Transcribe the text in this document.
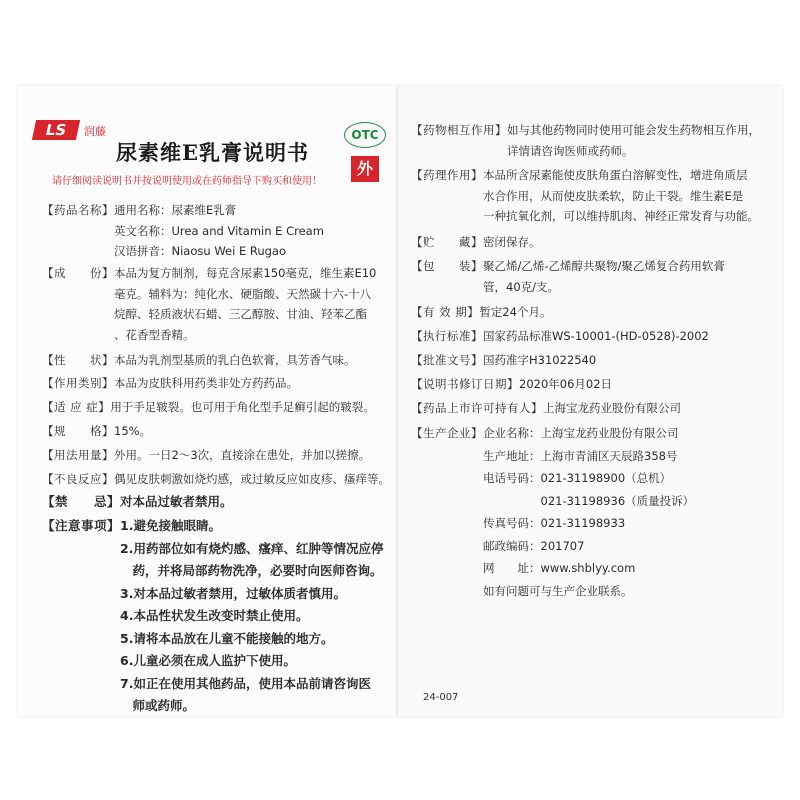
LS	润藤
尿素维E乳膏说明书
OTC
外
请仔细阅读说明书并按说明使用或在药师指导下购买和使用！
【药品名称】 通用名称：尿素维E乳膏
英文名称：Urea and Vitamin E Cream
汉语拼音：Niaosu Wei E Rugao
【成　　份】 本品为复方制剂，每克含尿素150毫克，维生素E10
毫克。辅料为：纯化水、硬脂酸、天然碳十六-十八
烷醇、轻质液状石蜡、三乙醇胺、甘油、羟苯乙酯
、花香型香精。
【性　　状】 本品为乳剂型基质的乳白色软膏，具芳香气味。
【作用类别】 本品为皮肤科用药类非处方药药品。
【适 应 症】 用于手足皲裂。也可用于角化型手足癣引起的皲裂。
【规　　格】 15%。
【用法用量】 外用。一日2～3次，直接涂在患处，并加以搓擦。
【不良反应】 偶见皮肤刺激如烧灼感，或过敏反应如皮疹、瘙痒等。
【禁　　忌】 对本品过敏者禁用。
【注意事项】 1.避免接触眼睛。
2.用药部位如有烧灼感、瘙痒、红肿等情况应停
　药，并将局部药物洗净，必要时向医师咨询。
3.对本品过敏者禁用，过敏体质者慎用。
4.本品性状发生改变时禁止使用。
5.请将本品放在儿童不能接触的地方。
6.儿童必须在成人监护下使用。
7.如正在使用其他药品，使用本品前请咨询医
　师或药师。
【药物相互作用】 如与其他药物同时使用可能会发生药物相互作用，
详情请咨询医师或药师。
【药理作用】 本品所含尿素能使皮肤角蛋白溶解变性，增进角质层
水合作用，从而使皮肤柔软，防止干裂。维生素E是
一种抗氧化剂，可以维持肌肉、神经正常发育与功能。
【贮　　藏】 密闭保存。
【包　　装】 聚乙烯/乙烯-乙烯醇共聚物/聚乙烯复合药用软膏
管，40克/支。
【有 效 期】 暂定24个月。
【执行标准】 国家药品标准WS-10001-(HD-0528)-2002
【批准文号】 国药准字H31022540
【说明书修订日期】 2020年06月02日
【药品上市许可持有人】 上海宝龙药业股份有限公司
【生产企业】 企业名称：上海宝龙药业股份有限公司
生产地址：上海市青浦区天辰路358号
电话号码：021-31198900（总机）
　　　　　021-31198936（质量投诉）
传真号码：021-31198933
邮政编码：201707
网　　址：www.shblyy.com
如有问题可与生产企业联系。
24-007
